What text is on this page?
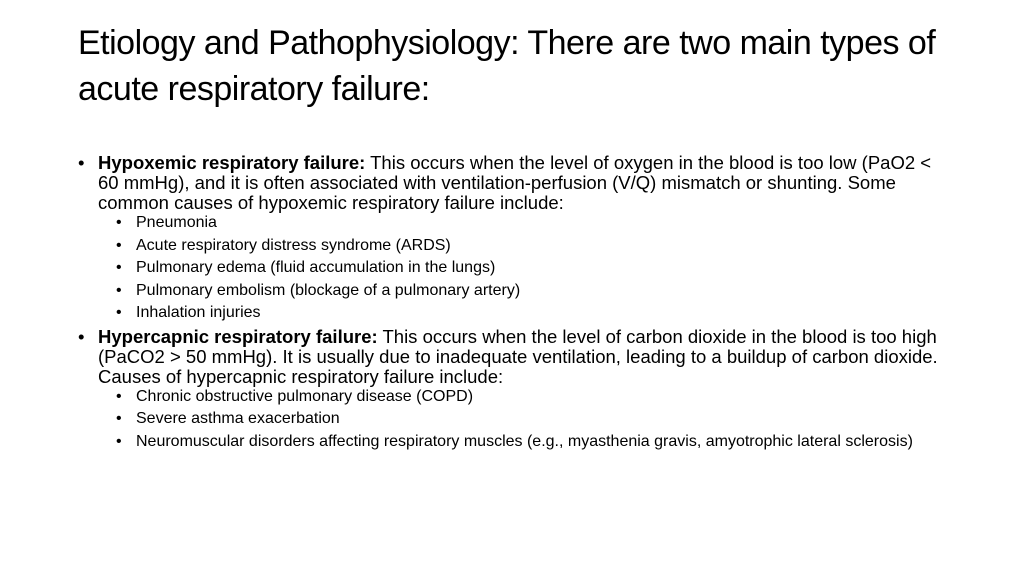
Etiology and Pathophysiology: There are two main types of acute respiratory failure:
• Hypoxemic respiratory failure: This occurs when the level of oxygen in the blood is too low (PaO2 < 60 mmHg), and it is often associated with ventilation-perfusion (V/Q) mismatch or shunting. Some common causes of hypoxemic respiratory failure include:
• Pneumonia
• Acute respiratory distress syndrome (ARDS)
• Pulmonary edema (fluid accumulation in the lungs)
• Pulmonary embolism (blockage of a pulmonary artery)
• Inhalation injuries
• Hypercapnic respiratory failure: This occurs when the level of carbon dioxide in the blood is too high (PaCO2 > 50 mmHg). It is usually due to inadequate ventilation, leading to a buildup of carbon dioxide. Causes of hypercapnic respiratory failure include:
• Chronic obstructive pulmonary disease (COPD)
• Severe asthma exacerbation
• Neuromuscular disorders affecting respiratory muscles (e.g., myasthenia gravis, amyotrophic lateral sclerosis)
